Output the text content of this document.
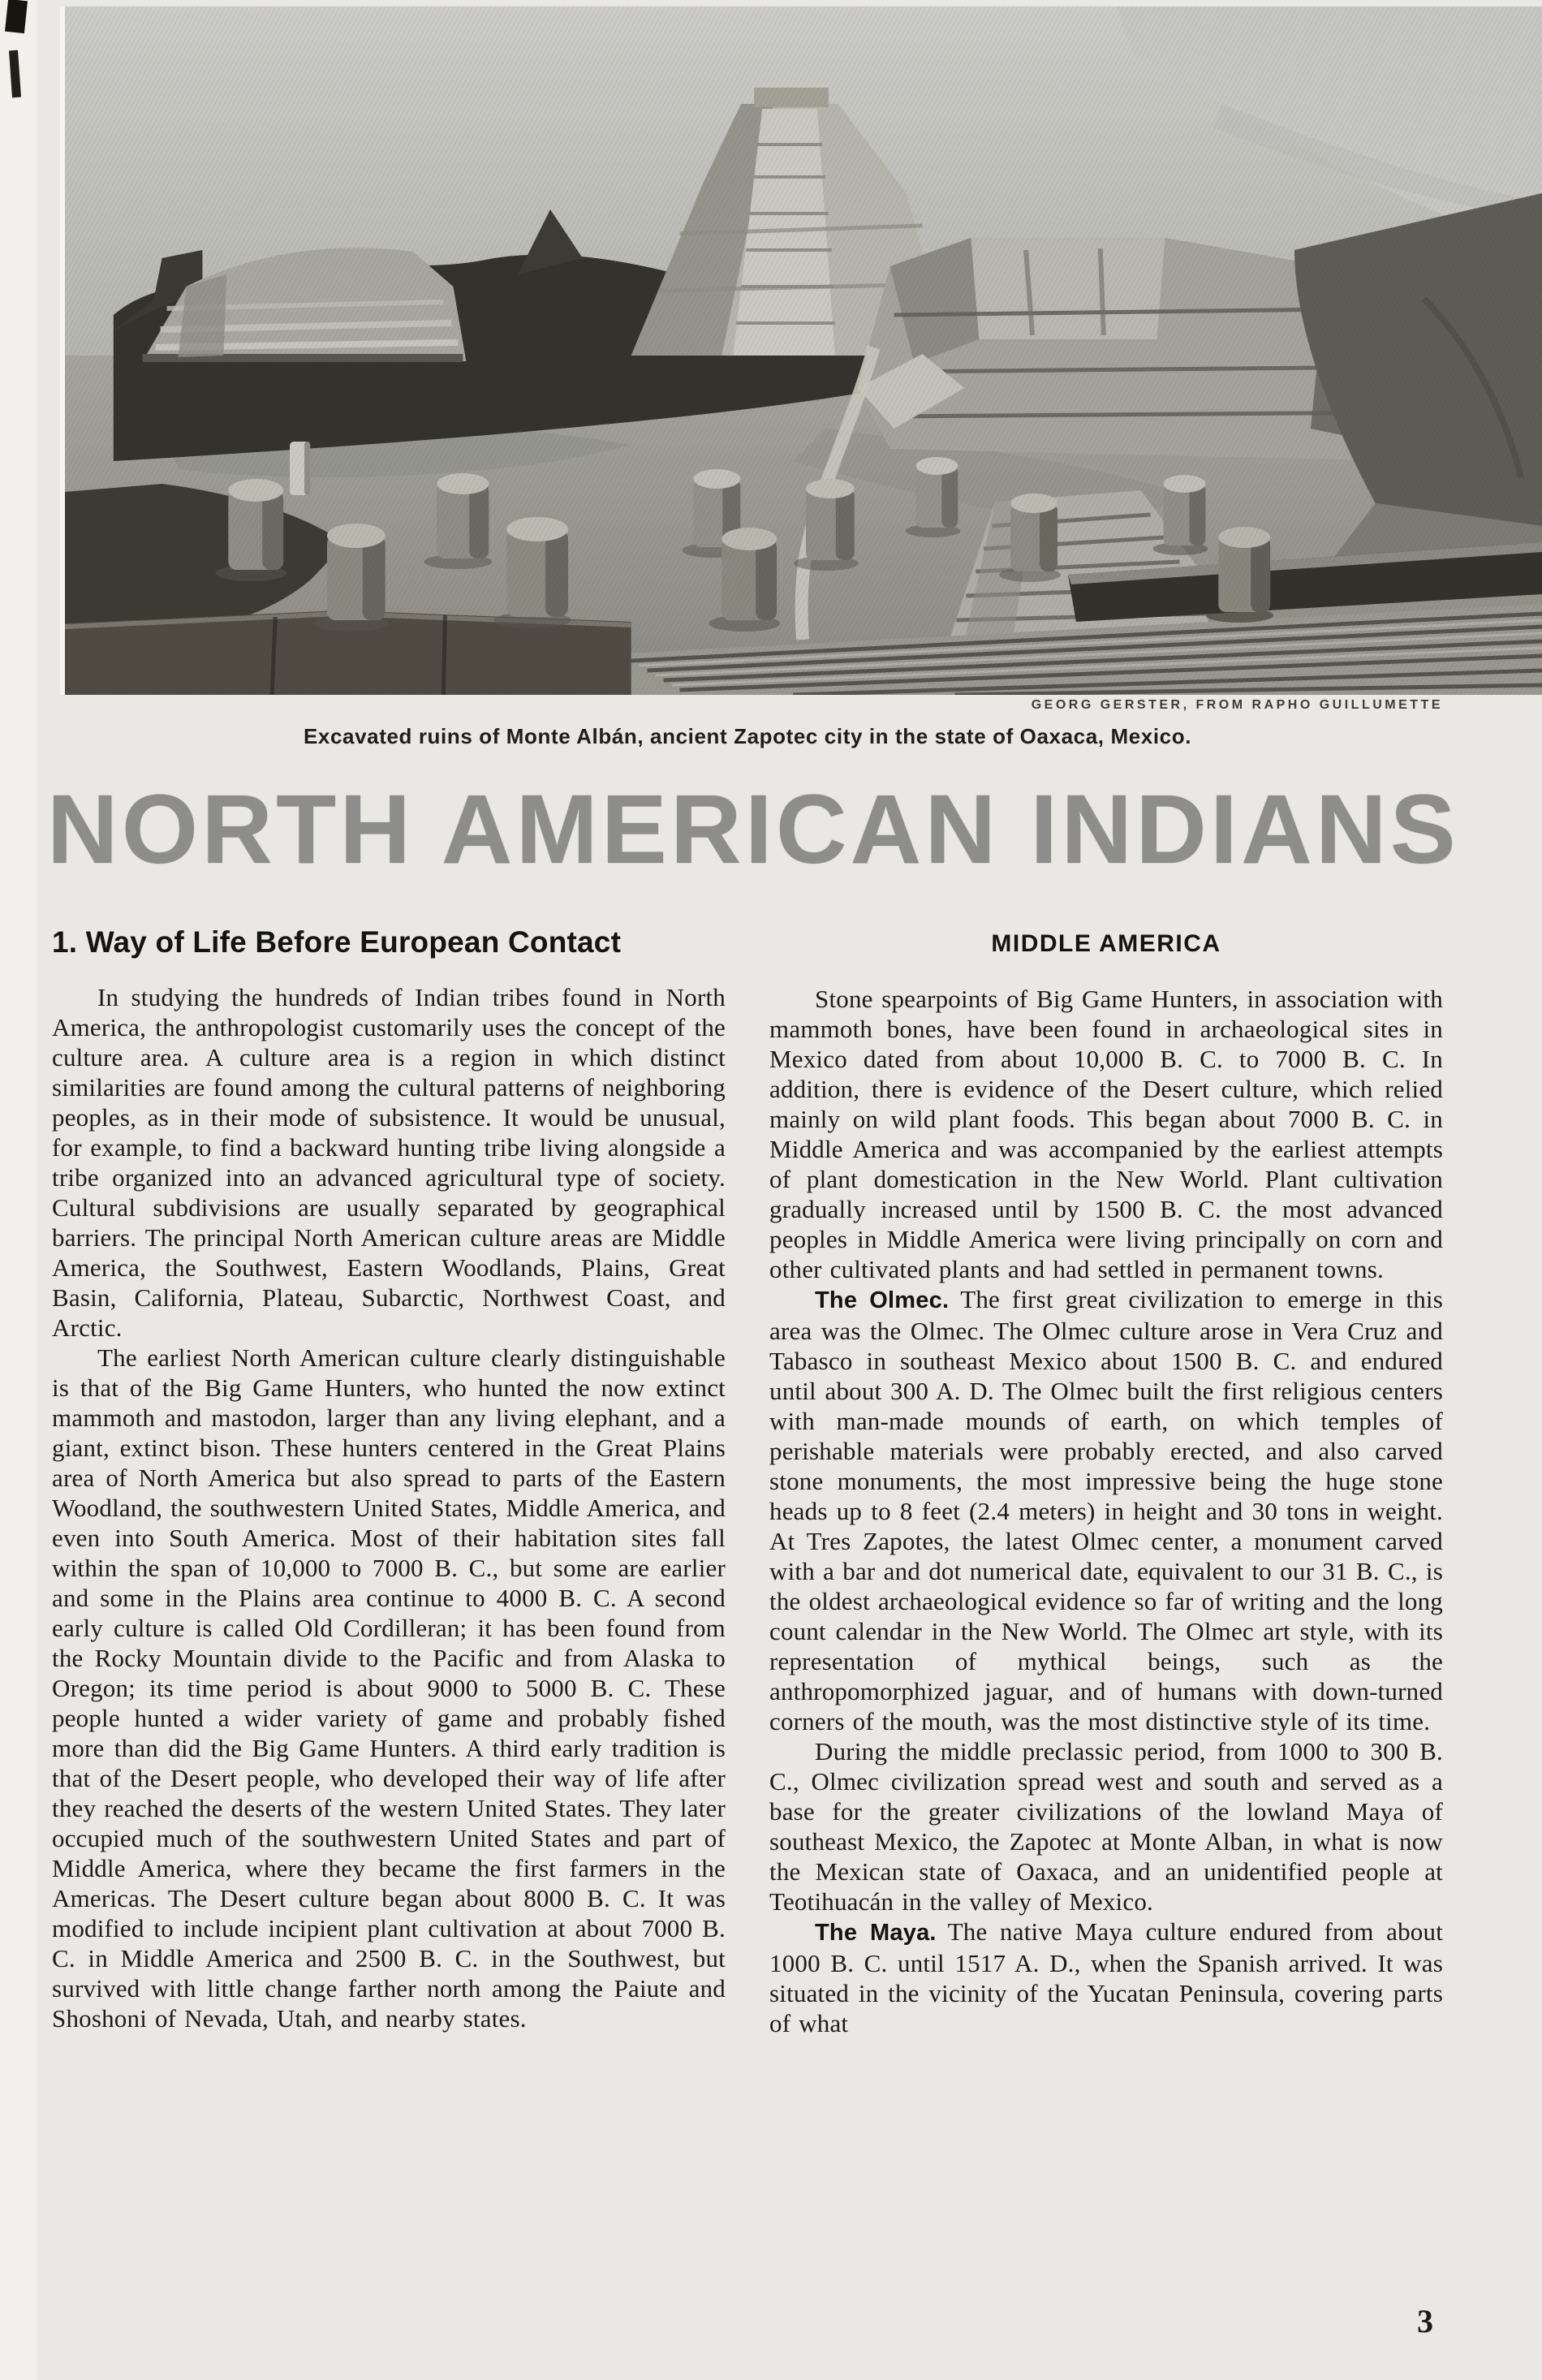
GEORG GERSTER, FROM RAPHO GUILLUMETTE
Excavated ruins of Monte Albán, ancient Zapotec city in the state of Oaxaca, Mexico.
NORTH AMERICAN INDIANS
1. Way of Life Before European Contact

In studying the hundreds of Indian tribes found in North America, the anthropologist customarily uses the concept of the culture area. A culture area is a region in which distinct similarities are found among the cultural patterns of neighboring peoples, as in their mode of subsistence. It would be unusual, for example, to find a backward hunting tribe living alongside a tribe organized into an advanced agricultural type of society. Cultural subdivisions are usually separated by geographical barriers. The principal North American culture areas are Middle America, the Southwest, Eastern Woodlands, Plains, Great Basin, California, Plateau, Subarctic, Northwest Coast, and Arctic.

The earliest North American culture clearly distinguishable is that of the Big Game Hunters, who hunted the now extinct mammoth and mastodon, larger than any living elephant, and a giant, extinct bison. These hunters centered in the Great Plains area of North America but also spread to parts of the Eastern Woodland, the southwestern United States, Middle America, and even into South America. Most of their habitation sites fall within the span of 10,000 to 7000 B. C., but some are earlier and some in the Plains area continue to 4000 B. C. A second early culture is called Old Cordilleran; it has been found from the Rocky Mountain divide to the Pacific and from Alaska to Oregon; its time period is about 9000 to 5000 B. C. These people hunted a wider variety of game and probably fished more than did the Big Game Hunters. A third early tradition is that of the Desert people, who developed their way of life after they reached the deserts of the western United States. They later occupied much of the southwestern United States and part of Middle America, where they became the first farmers in the Americas. The Desert culture began about 8000 B. C. It was modified to include incipient plant cultivation at about 7000 B. C. in Middle America and 2500 B. C. in the Southwest, but survived with little change farther north among the Paiute and Shoshoni of Nevada, Utah, and nearby states.

MIDDLE AMERICA

Stone spearpoints of Big Game Hunters, in association with mammoth bones, have been found in archaeological sites in Mexico dated from about 10,000 B. C. to 7000 B. C. In addition, there is evidence of the Desert culture, which relied mainly on wild plant foods. This began about 7000 B. C. in Middle America and was accompanied by the earliest attempts of plant domestication in the New World. Plant cultivation gradually increased until by 1500 B. C. the most advanced peoples in Middle America were living principally on corn and other cultivated plants and had settled in permanent towns.

The Olmec. The first great civilization to emerge in this area was the Olmec. The Olmec culture arose in Vera Cruz and Tabasco in southeast Mexico about 1500 B. C. and endured until about 300 A. D. The Olmec built the first religious centers with man-made mounds of earth, on which temples of perishable materials were probably erected, and also carved stone monuments, the most impressive being the huge stone heads up to 8 feet (2.4 meters) in height and 30 tons in weight. At Tres Zapotes, the latest Olmec center, a monument carved with a bar and dot numerical date, equivalent to our 31 B. C., is the oldest archaeological evidence so far of writing and the long count calendar in the New World. The Olmec art style, with its representation of mythical beings, such as the anthropomorphized jaguar, and of humans with down-turned corners of the mouth, was the most distinctive style of its time.

During the middle preclassic period, from 1000 to 300 B. C., Olmec civilization spread west and south and served as a base for the greater civilizations of the lowland Maya of southeast Mexico, the Zapotec at Monte Alban, in what is now the Mexican state of Oaxaca, and an unidentified people at Teotihuacán in the valley of Mexico.

The Maya. The native Maya culture endured from about 1000 B. C. until 1517 A. D., when the Spanish arrived. It was situated in the vicinity of the Yucatan Peninsula, covering parts of what

3
